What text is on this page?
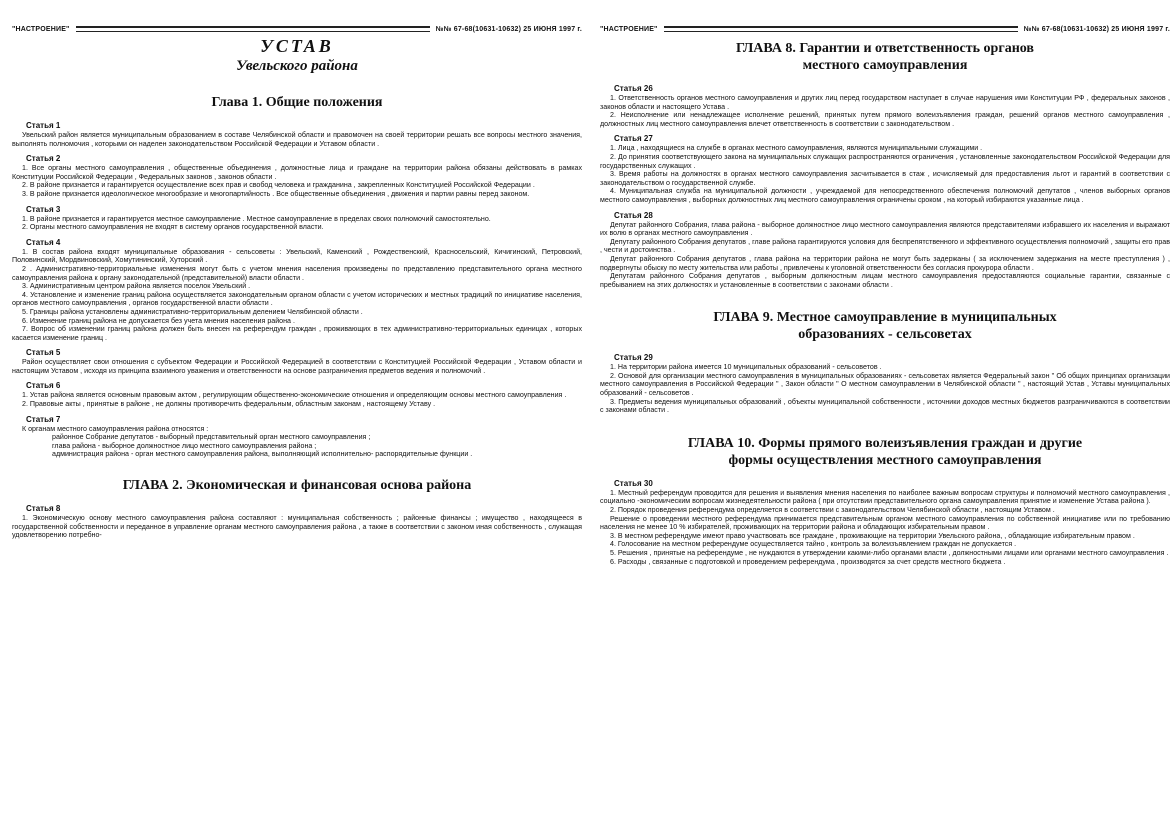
"НАСТРОЕНИЕ"	№№ 67-68(10631-10632) 25 ИЮНЯ 1997 г.
УСТАВ
Увельского района
Глава 1. Общие положения
Статья 1

Увельский район является муниципальным образованием в составе Челябинской области и правомочен на своей территории решать все вопросы местного значения, выполнять полномочия , которыми он наделен законодательством Российской Федерации и Уставом области .

Статья 2

1. Все органы местного самоуправления , общественные объединения , должностные лица и граждане на территории района обязаны действовать в рамках Конституции Российской Федерации , Федеральных законов , законов области .

2. В районе признается и гарантируется осуществление всех прав и свобод человека и гражданина , закрепленных Конституцией Российской Федерации .

3. В районе признается идеологическое многообразие и многопартийность . Все общественные объединения , движения и партии равны перед законом.

Статья 3

1. В районе признается и гарантируется местное самоуправление . Местное самоуправление в пределах своих полномочий самостоятельно.

2. Органы местного самоуправления не входят в систему органов государственной власти.

Статья 4

1. В состав района входят муниципальные образования - сельсоветы : Увельский, Каменский , Рождественский, Красносельский, Кичигинский, Петровский, Половинский, Мордвиновский, Хомутининский, Хуторский .

2 . Административно-территориальные изменения могут быть с учетом мнения населения произведены по представлению представительного органа местного самоуправления района к органу законодательной (представительной) власти области .

3. Административным центром района является поселок Увельский .

4. Установление и изменение границ района осуществляется законодательным органом области с учетом исторических и местных традиций по инициативе населения, органов местного самоуправления , органов государственной власти области .

5. Границы района установлены административно-территориальным делением Челябинской области .

6. Изменение границ района не допускается без учета мнения населения района .

7. Вопрос об изменении границ района должен быть внесен на референдум граждан , проживающих в тех административно-территориальных единицах , которых касается изменение границ .

Статья 5

Район осуществляет свои отношения с субъектом Федерации и Российской Федерацией в соответствии с Конституцией Российской Федерации , Уставом области и настоящим Уставом , исходя из принципа взаимного уважения и ответственности на основе разграничения предметов ведения и полномочий .

Статья 6

1. Устав района является основным правовым актом , регулирующим общественно-экономические отношения и определяющим основы местного самоуправления .

2. Правовые акты , принятые в районе , не должны противоречить федеральным, областным законам , настоящему Уставу .

Статья 7

К органам местного самоуправления района относятся :

районное Собрание депутатов - выборный представительный орган местного самоуправления ;

глава района - выборное должностное лицо местного самоуправления района ;

администрация района - орган местного самоуправления района, выполняющий исполнительно- распорядительные функции .

ГЛАВА 2. Экономическая и финансовая основа района
Статья 8

1. Экономическую основу местного самоуправления района составляют : муниципальная собственность ; районные финансы ; имущество , находящееся в государственной собственности и переданное в управление органам местного самоуправления района , а также в соответствии с законом иная собственность , служащая удовлетворению потребно-

"НАСТРОЕНИЕ"	№№ 67-68(10631-10632) 25 ИЮНЯ 1997 г.
ГЛАВА 8. Гарантии и ответственность органов
местного самоуправления
Статья 26

1. Ответственность органов местного самоуправления и других лиц перед государством наступает в случае нарушения ими Конституции РФ , федеральных законов , законов области и настоящего Устава .

2. Неисполнение или ненадлежащее исполнение решений, принятых путем прямого волеизъявления граждан, решений органов местного самоуправления , должностных лиц местного самоуправления влечет ответственность в соответствии с законодательством .

Статья 27

1. Лица , находящиеся на службе в органах местного самоуправления, являются муниципальными служащими .

2. До принятия соответствующего закона на муниципальных служащих распространяются ограничения , установленные законодательством Российской Федерации для государственных служащих .

3. Время работы на должностях в органах местного самоуправления засчитывается в стаж , исчисляемый для предоставления льгот и гарантий в соответствии с законодательством о государственной службе.

4. Муниципальная служба на муниципальной должности , учреждаемой для непосредственного обеспечения полномочий депутатов , членов выборных органов местного самоуправления , выборных должностных лиц местного самоуправления ограничены сроком , на который избираются указанные лица .

Статья 28

Депутат районного Собрания, глава района - выборное должностное лицо местного самоуправления являются представителями избравшего их населения и выражают их волю в органах местного самоуправления .

Депутату районного Собрания депутатов , главе района гарантируются условия для беспрепятственного и эффективного осуществления полномочий , защиты его прав , чести и достоинства .

Депутат районного Собрания депутатов , глава района на территории района не могут быть задержаны ( за исключением задержания на месте преступления ) , подвергнуты обыску по месту жительства или работы , привлечены к уголовной ответственности без согласия прокурора области .

Депутатам районного Собрания депутатов , выборным должностным лицам местного самоуправления предоставляются социальные гарантии, связанные с пребыванием на этих должностях и установленные в соответствии с законами области .

ГЛАВА 9. Местное самоуправление в муниципальных
образованиях - сельсоветах
Статья 29

1. На территории района имеется 10 муниципальных образований - сельсоветов .

2. Основой для организации местного самоуправления в муниципальных образованиях - сельсоветах является Федеральный закон " Об общих принципах организации местного самоуправления в Российской Федерации " , Закон области " О местном самоуправлении в Челябинской области " , настоящий Устав , Уставы муниципальных образований - сельсоветов .

3. Предметы ведения муниципальных образований , объекты муниципальной собственности , источники доходов местных бюджетов разграничиваются в соответствии с законами области .

ГЛАВА 10. Формы прямого волеизъявления граждан и другие
формы осуществления местного самоуправления
Статья 30

1. Местный референдум проводится для решения и выявления мнения населения по наиболее важным вопросам структуры и полномочий местного самоуправления , социально -экономическим вопросам жизнедеятельности района ( при отсутствии представительного органа самоуправления принятие и изменение Устава района ).

2. Порядок проведения референдума определяется в соответствии с законодательством Челябинской области , настоящим Уставом .

Решение о проведении местного референдума принимается представительным органом местного самоуправления по собственной инициативе или по требованию населения не менее 10 % избирателей, проживающих на территории района и обладающих избирательным правом .

3. В местном референдуме имеют право участвовать все граждане , проживающие на территории Увельского района, , обладающие избирательным правом .

4. Голосование на местном референдуме осуществляется тайно , контроль за волеизъявлением граждан не допускается .

5. Решения , принятые на референдуме , не нуждаются в утверждении какими-либо органами власти , должностными лицами или органами местного самоуправления .

6. Расходы , связанные с подготовкой и проведением референдума , производятся за счет средств местного бюджета .
